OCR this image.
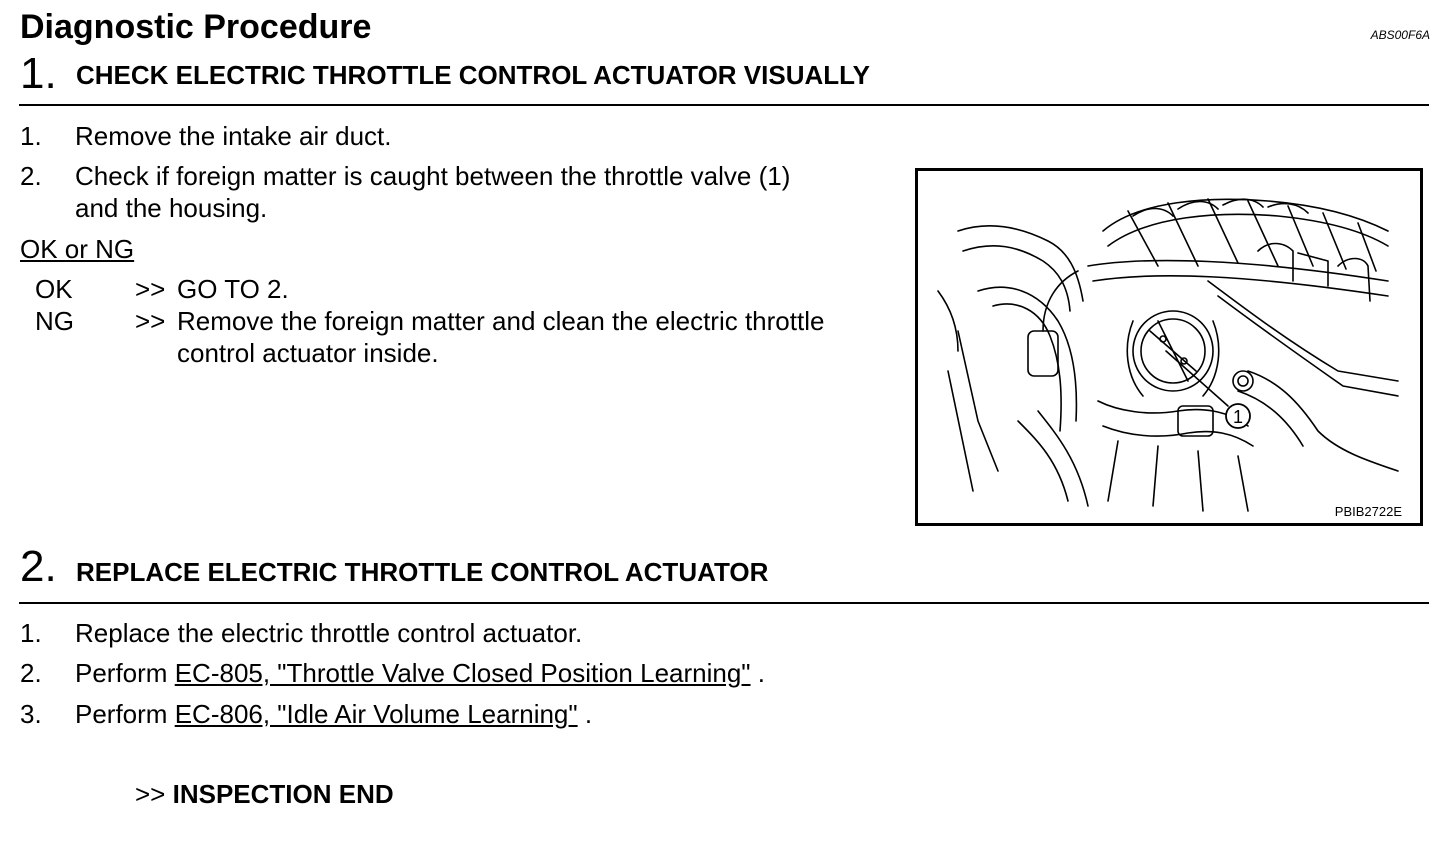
Diagnostic Procedure	ABS00F6A
1. CHECK ELECTRIC THROTTLE CONTROL ACTUATOR VISUALLY
1. Remove the intake air duct.
2. Check if foreign matter is caught between the throttle valve (1)
and the housing.
OK or NG
OK >> GO TO 2.
NG >> Remove the foreign matter and clean the electric throttle
control actuator inside.
1
PBIB2722E
2. REPLACE ELECTRIC THROTTLE CONTROL ACTUATOR
1. Replace the electric throttle control actuator.
2. Perform EC-805, "Throttle Valve Closed Position Learning" .
3. Perform EC-806, "Idle Air Volume Learning" .
>> INSPECTION END
